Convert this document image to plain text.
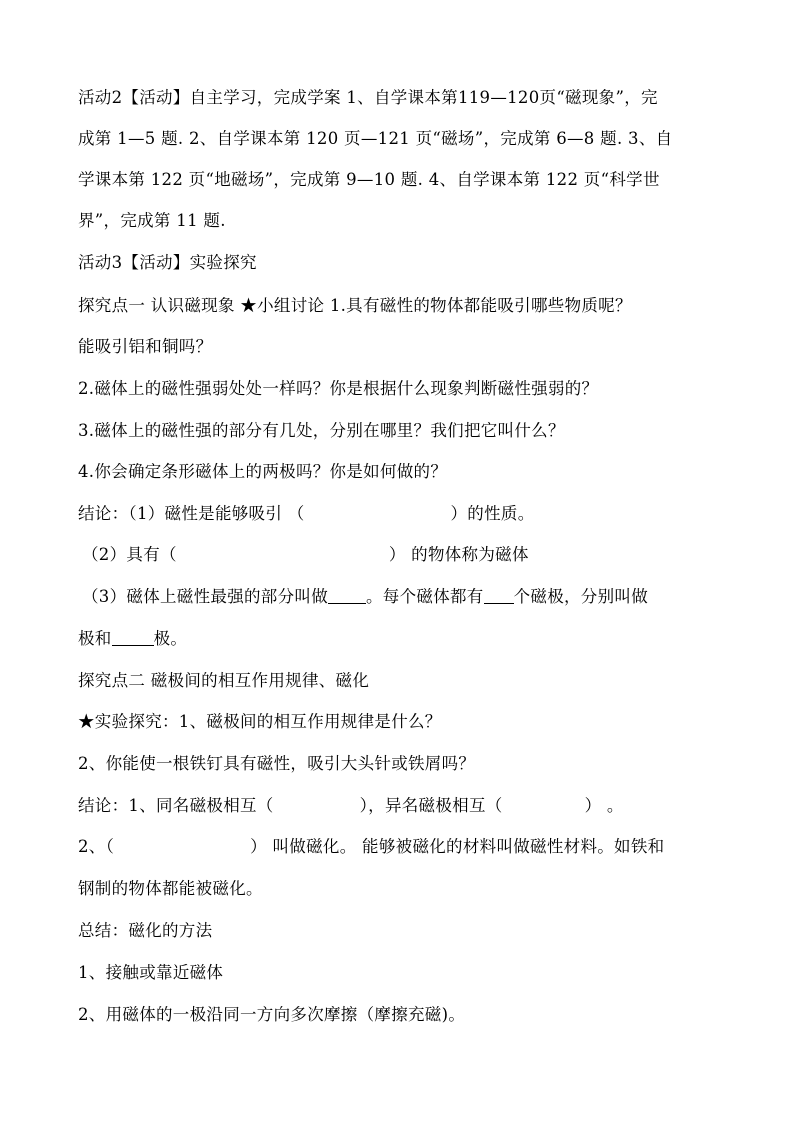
活动2【活动】自主学习，完成学案 1、自学课本第119—120页“磁现象”，完
成第 1—5 题. 2、自学课本第 120 页—121 页“磁场”，完成第 6—8 题. 3、自
学课本第 122 页“地磁场”，完成第 9—10 题. 4、自学课本第 122 页“科学世
界”，完成第 11 题.
活动3【活动】实验探究
探究点一 认识磁现象 ★小组讨论 1.具有磁性的物体都能吸引哪些物质呢？
能吸引铝和铜吗？
2.磁体上的磁性强弱处处一样吗？你是根据什么现象判断磁性强弱的？
3.磁体上的磁性强的部分有几处，分别在哪里？我们把它叫什么？
4.你会确定条形磁体上的两极吗？你是如何做的？
结论：（1）磁性是能够吸引 （	）的性质。
（2）具有（	） 的物体称为磁体
（3）磁体上磁性最强的部分叫做 。每个磁体都有 个磁极，分别叫做
极和	极。
探究点二 磁极间的相互作用规律、磁化
★实验探究：1、磁极间的相互作用规律是什么？
2、你能使一根铁钉具有磁性，吸引大头针或铁屑吗？
结论：1、同名磁极相互（	），异名磁极相互（	） 。
2、（	） 叫做磁化。 能够被磁化的材料叫做磁性材料。如铁和
钢制的物体都能被磁化。
总结：磁化的方法
1、接触或靠近磁体
2、用磁体的一极沿同一方向多次摩擦（摩擦充磁)。
